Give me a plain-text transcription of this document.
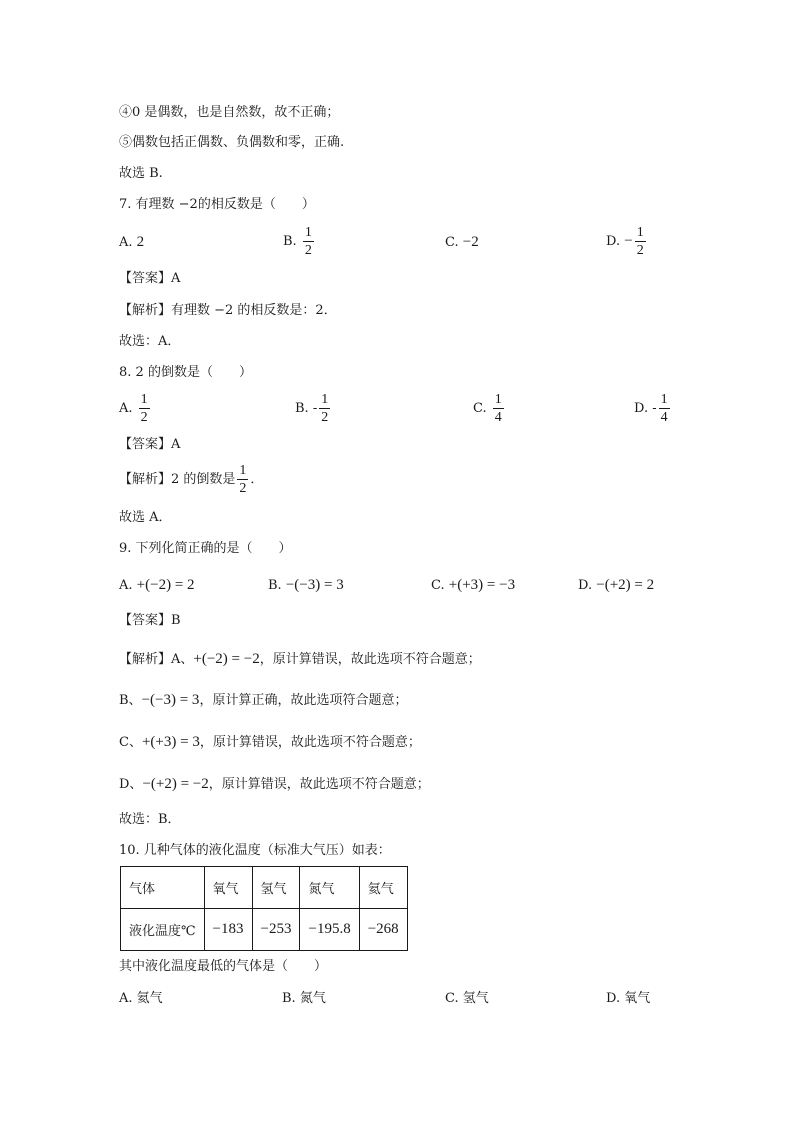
④0 是偶数，也是自然数，故不正确；
⑤偶数包括正偶数、负偶数和零，正确.
故选 B.
7. 有理数 −2的相反数是（　　）
A. 2	B. $\frac{1}{2}$	C. −2	D. − $\frac{1}{2}$
【答案】A
【解析】有理数 −2 的相反数是：2．
故选：A．
8. 2 的倒数是（　　）
A. $\frac{1}{2}$	B. - $\frac{1}{2}$	C. $\frac{1}{4}$	D. - $\frac{1}{4}$
【答案】A
【解析】2 的倒数是 $\frac{1}{2}$ ．
故选 A．
9. 下列化简正确的是（　　）
A. +(−2) = 2	B. −(−3) = 3	C. +(+3) = −3	D. −(+2) = 2
【答案】B
【解析】A、+(−2) = −2，原计算错误，故此选项不符合题意；
B、−(−3) = 3，原计算正确，故此选项符合题意；
C、+(+3) = 3，原计算错误，故此选项不符合题意；
D、−(+2) = −2，原计算错误，故此选项不符合题意；
故选：B．
10. 几种气体的液化温度（标准大气压）如表：
气体	氧气	氢气	氮气	氦气
液化温度℃	−183	−253	−195.8	−268
其中液化温度最低的气体是（　　）
A. 氦气	B. 氮气	C. 氢气	D. 氧气
